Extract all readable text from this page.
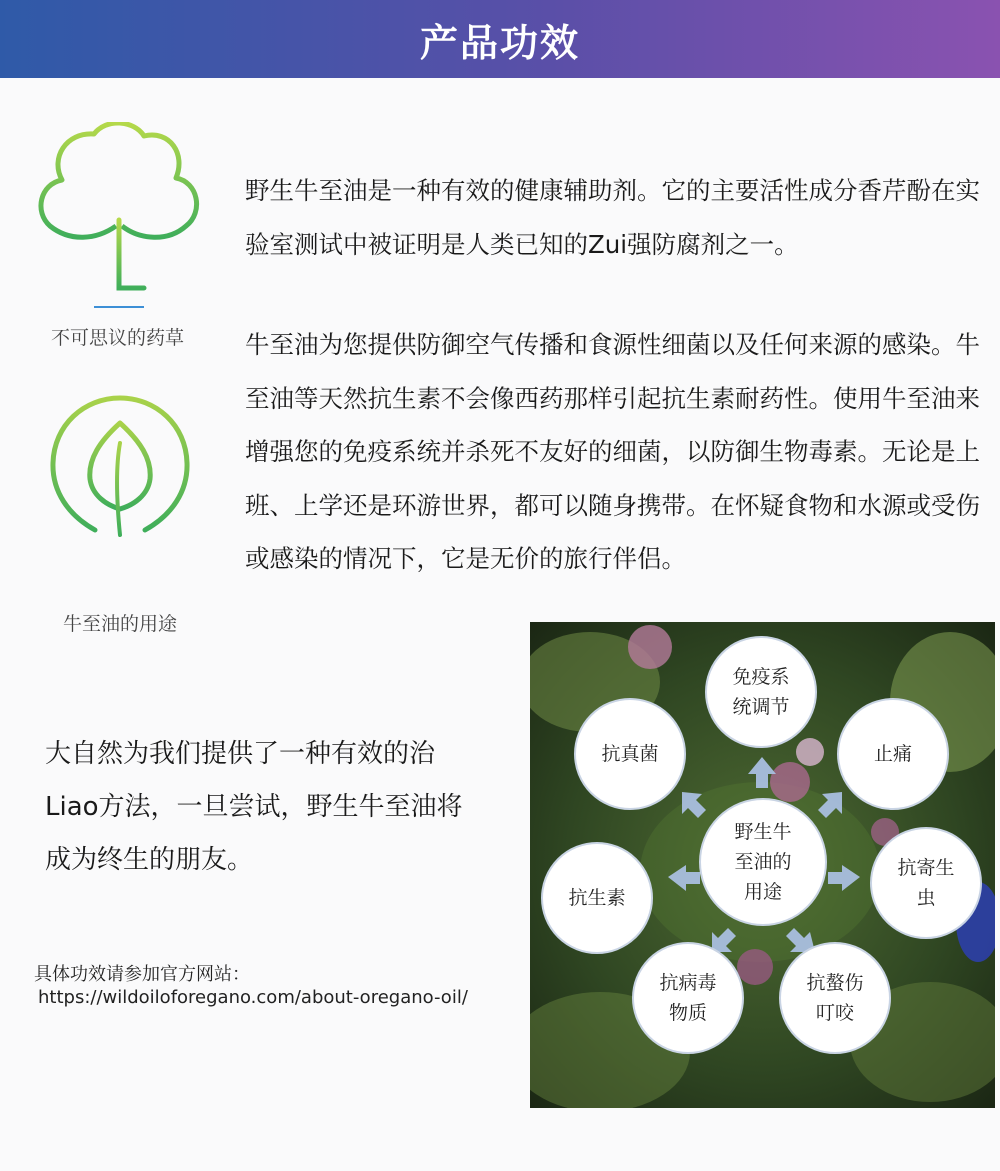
产品功效
不可思议的药草
牛至油的用途
野生牛至油是一种有效的健康辅助剂。它的主要活性成分香芹酚在实验室测试中被证明是人类已知的Zui强防腐剂之一。
牛至油为您提供防御空气传播和食源性细菌以及任何来源的感染。牛至油等天然抗生素不会像西药那样引起抗生素耐药性。使用牛至油来增强您的免疫系统并杀死不友好的细菌，以防御生物毒素。无论是上班、上学还是环游世界，都可以随身携带。在怀疑食物和水源或受伤或感染的情况下，它是无价的旅行伴侣。
大自然为我们提供了一种有效的治Liao方法，一旦尝试，野生牛至油将成为终生的朋友。
具体功效请参加官方网站：
https://wildoiloforegano.com/about-oregano-oil/
野生牛
至油的
用途
免疫系
统调节
止痛
抗寄生
虫
抗螯伤
叮咬
抗病毒
物质
抗生素
抗真菌
